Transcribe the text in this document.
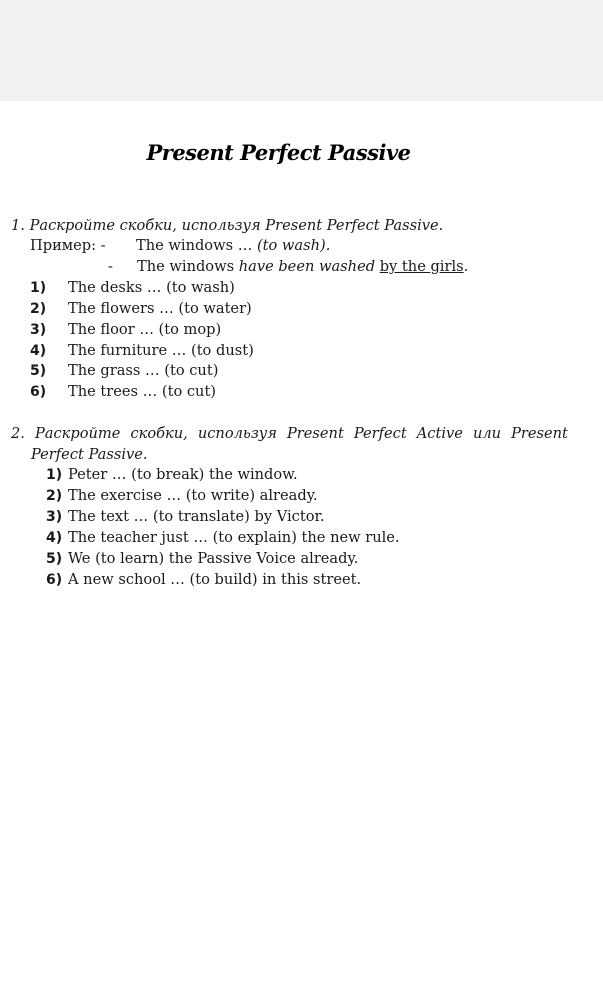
Present Perfect Passive
1. Раскройте скобки, используя Present Perfect Passive.
Пример: - The windows … (to wash).
- The windows have been washed by the girls.
1) The desks … (to wash)
2) The flowers … (to water)
3) The floor … (to mop)
4) The furniture … (to dust)
5) The grass … (to cut)
6) The trees … (to cut)
2. Раскройте скобки, используя Present Perfect Active или Present
Perfect Passive.
1) Peter … (to break) the window.
2) The exercise … (to write) already.
3) The text … (to translate) by Victor.
4) The teacher just … (to explain) the new rule.
5) We (to learn) the Passive Voice already.
6) A new school … (to build) in this street.
